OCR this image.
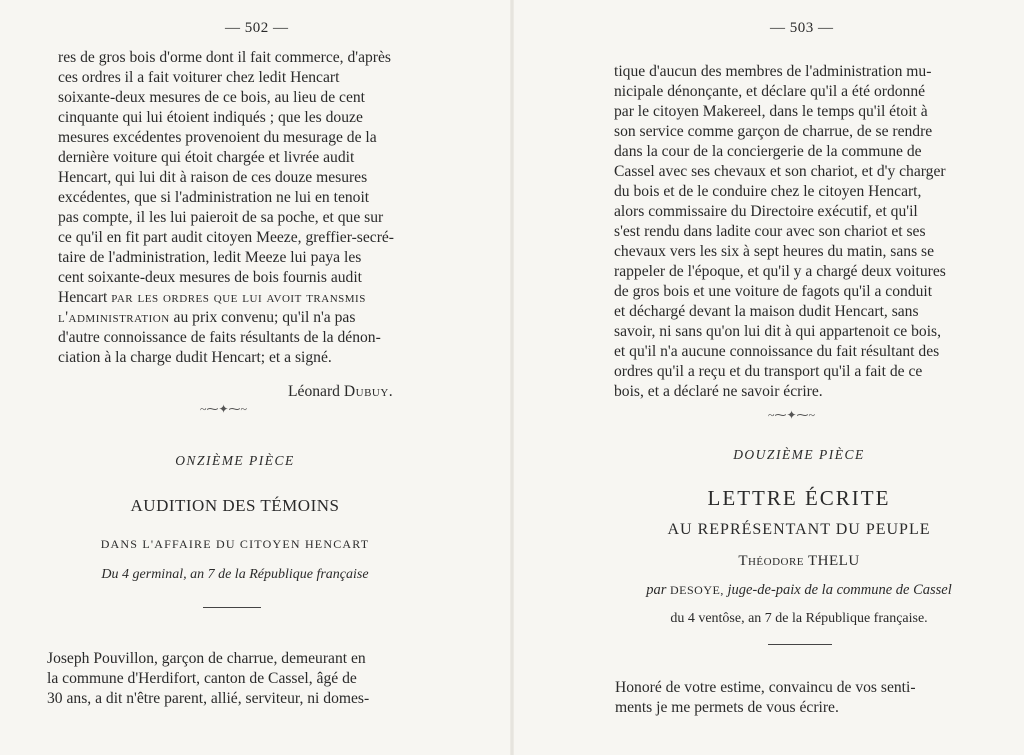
— 502 —
res de gros bois d'orme dont il fait commerce, d'après
ces ordres il a fait voiturer chez ledit Hencart
soixante-deux mesures de ce bois, au lieu de cent
cinquante qui lui étoient indiqués ; que les douze
mesures excédentes provenoient du mesurage de la
dernière voiture qui étoit chargée et livrée audit
Hencart, qui lui dit à raison de ces douze mesures
excédentes, que si l'administration ne lui en tenoit
pas compte, il les lui paieroit de sa poche, et que sur
ce qu'il en fit part audit citoyen Meeze, greffier-secré-
taire de l'administration, ledit Meeze lui paya les
cent soixante-deux mesures de bois fournis audit
Hencart par les ordres que lui avoit transmis
l'administration au prix convenu; qu'il n'a pas
d'autre connoissance de faits résultants de la dénon-
ciation à la charge dudit Hencart; et a signé.
Léonard Dubuy.
~⁓✦⁓~
ONZIÈME PIÈCE
AUDITION DES TÉMOINS
DANS L'AFFAIRE DU CITOYEN HENCART
Du 4 germinal, an 7 de la République française
Joseph Pouvillon, garçon de charrue, demeurant en
la commune d'Herdifort, canton de Cassel, âgé de
30 ans, a dit n'être parent, allié, serviteur, ni domes-
— 503 —
tique d'aucun des membres de l'administration mu-
nicipale dénonçante, et déclare qu'il a été ordonné
par le citoyen Makereel, dans le temps qu'il étoit à
son service comme garçon de charrue, de se rendre
dans la cour de la conciergerie de la commune de
Cassel avec ses chevaux et son chariot, et d'y charger
du bois et de le conduire chez le citoyen Hencart,
alors commissaire du Directoire exécutif, et qu'il
s'est rendu dans ladite cour avec son chariot et ses
chevaux vers les six à sept heures du matin, sans se
rappeler de l'époque, et qu'il y a chargé deux voitures
de gros bois et une voiture de fagots qu'il a conduit
et déchargé devant la maison dudit Hencart, sans
savoir, ni sans qu'on lui dit à qui appartenoit ce bois,
et qu'il n'a aucune connoissance du fait résultant des
ordres qu'il a reçu et du transport qu'il a fait de ce
bois, et a déclaré ne savoir écrire.
~⁓✦⁓~
DOUZIÈME PIÈCE
LETTRE ÉCRITE
AU REPRÉSENTANT DU PEUPLE
Théodore THELU
par DESOYE, juge-de-paix de la commune de Cassel
du 4 ventôse, an 7 de la République française.
Honoré de votre estime, convaincu de vos senti-
ments je me permets de vous écrire.
